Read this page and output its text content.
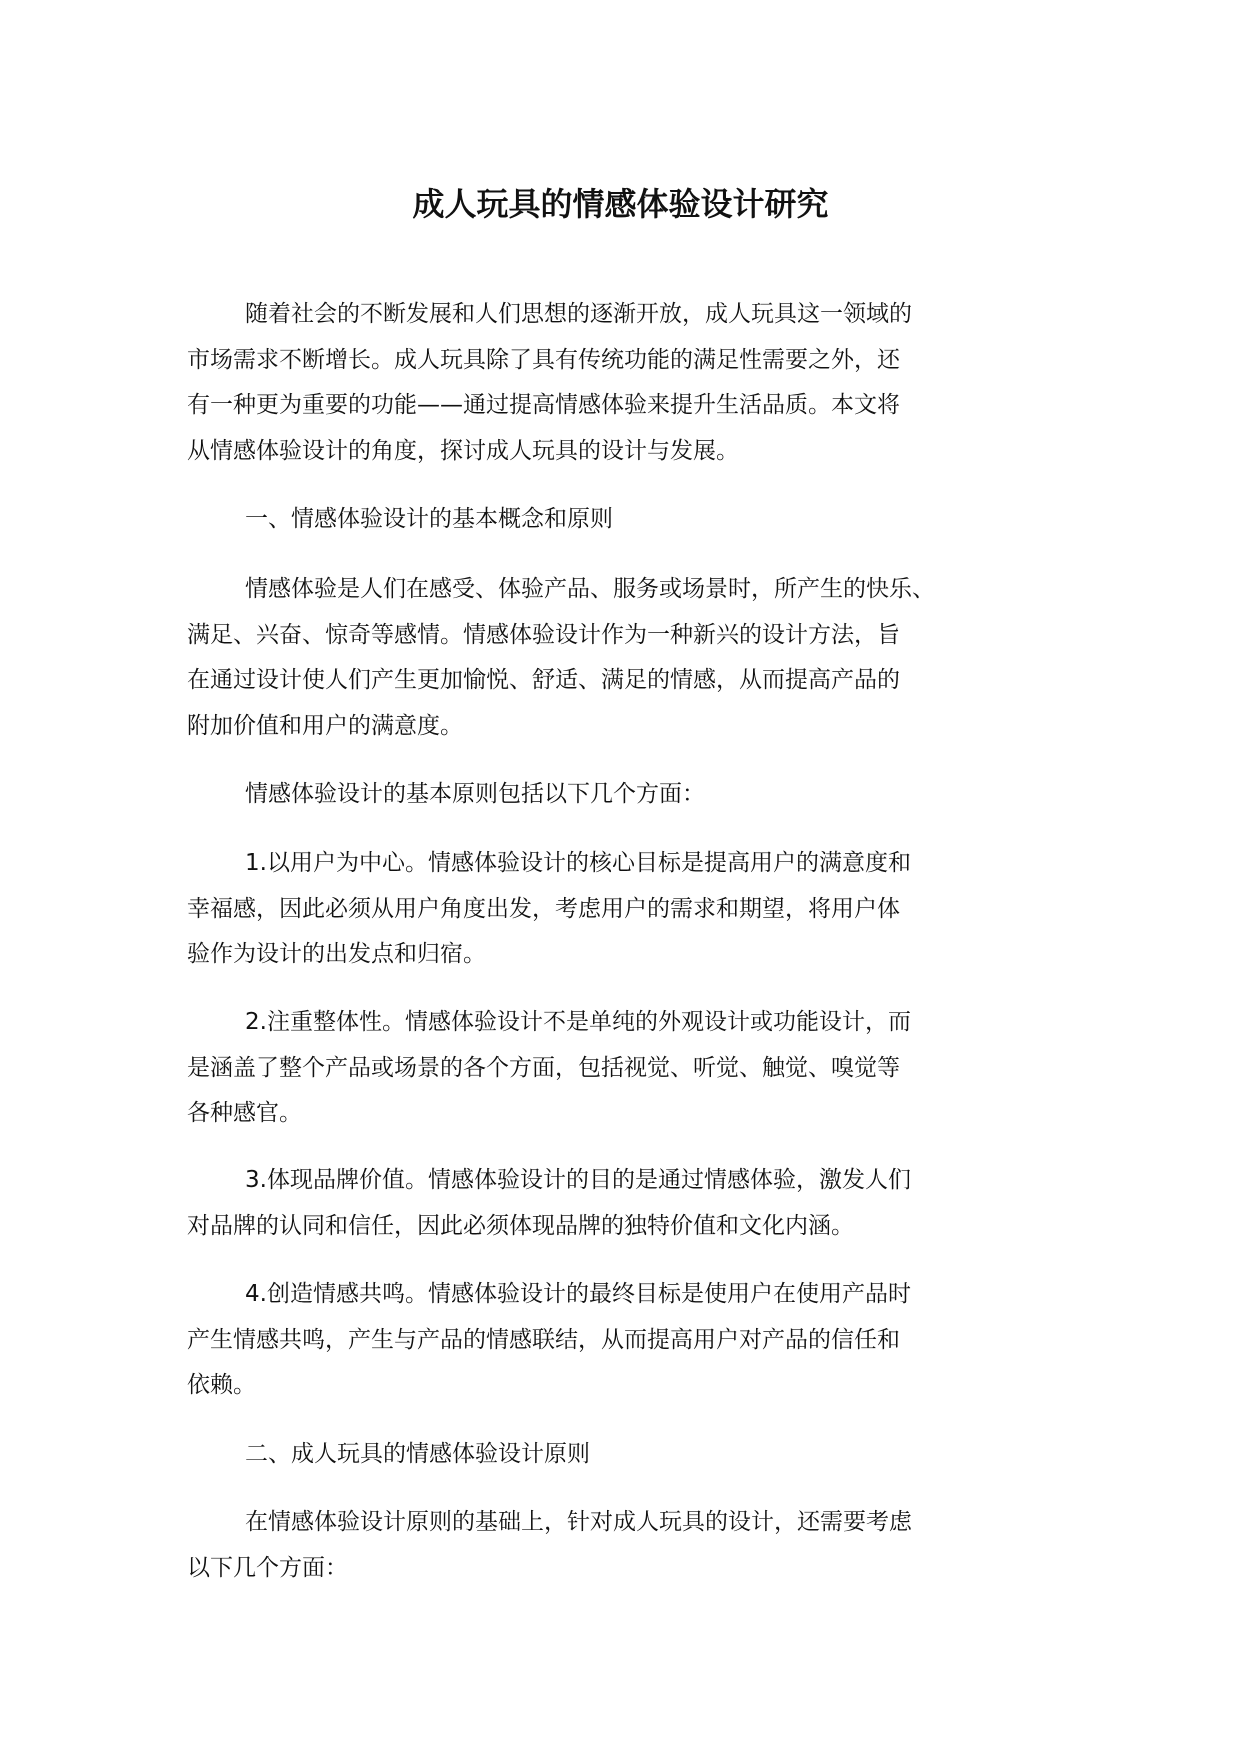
成人玩具的情感体验设计研究

随着社会的不断发展和人们思想的逐渐开放，成人玩具这一领域的
市场需求不断增长。成人玩具除了具有传统功能的满足性需要之外，还
有一种更为重要的功能——通过提高情感体验来提升生活品质。本文将
从情感体验设计的角度，探讨成人玩具的设计与发展。

一、情感体验设计的基本概念和原则

情感体验是人们在感受、体验产品、服务或场景时，所产生的快乐、
满足、兴奋、惊奇等感情。情感体验设计作为一种新兴的设计方法，旨
在通过设计使人们产生更加愉悦、舒适、满足的情感，从而提高产品的
附加价值和用户的满意度。

情感体验设计的基本原则包括以下几个方面：

1.以用户为中心。情感体验设计的核心目标是提高用户的满意度和
幸福感，因此必须从用户角度出发，考虑用户的需求和期望，将用户体
验作为设计的出发点和归宿。

2.注重整体性。情感体验设计不是单纯的外观设计或功能设计，而
是涵盖了整个产品或场景的各个方面，包括视觉、听觉、触觉、嗅觉等
各种感官。

3.体现品牌价值。情感体验设计的目的是通过情感体验，激发人们
对品牌的认同和信任，因此必须体现品牌的独特价值和文化内涵。

4.创造情感共鸣。情感体验设计的最终目标是使用户在使用产品时
产生情感共鸣，产生与产品的情感联结，从而提高用户对产品的信任和
依赖。

二、成人玩具的情感体验设计原则

在情感体验设计原则的基础上，针对成人玩具的设计，还需要考虑
以下几个方面：
